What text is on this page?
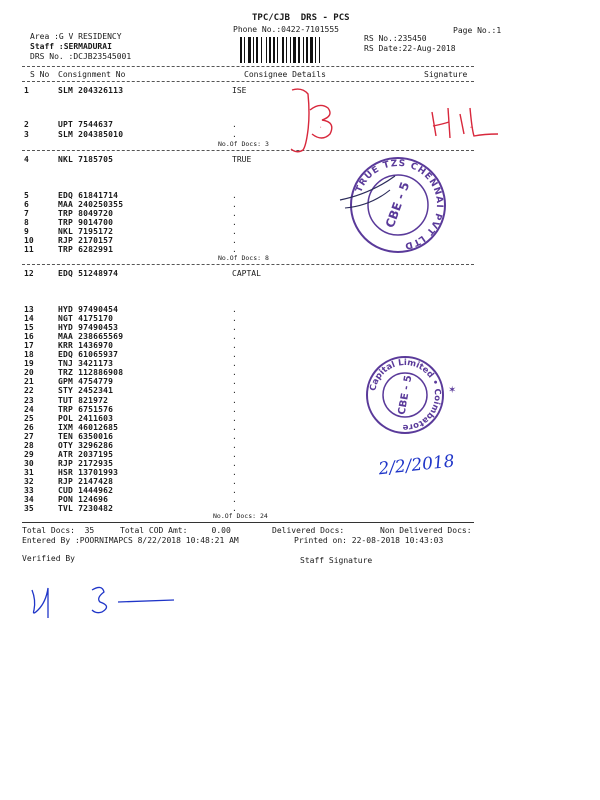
TPC/CJB  DRS - PCS
Phone No.:0422-7101555	Page No.:1
Area :G V RESIDENCY
Staff :SERMADURAI
DRS No. :DCJB23545001
RS No.:235450
RS Date:22-Aug-2018
S No Consignment No	Consignee Details	Signature
1	SLM 204326113	ISE
2	UPT 7544637	.
3	SLM 204385010	.
No.Of Docs: 3
4	NKL 7185705	TRUE
5	EDQ 61841714	.
6	MAA 240250355	.
7	TRP 8049720	.
8	TRP 9014700	.
9	NKL 7195172	.
10	RJP 2170157	.
11	TRP 6282991	.
No.Of Docs: 8
12	EDQ 51248974	CAPTAL
13	HYD 97490454	.
14	NGT 4175170	.
15	HYD 97490453	.
16	MAA 238665569	.
17	KRR 1436970	.
18	EDQ 61065937	.
19	TNJ 3421173	.
20	TRZ 112886908	.
21	GPM 4754779	.
22	STY 2452341	.
23	TUT 821972	.
24	TRP 6751576	.
25	POL 2411603	.
26	IXM 46012685	.
27	TEN 6350016	.
28	OTY 3296286	.
29	ATR 2037195	.
30	RJP 2172935	.
31	HSR 13701993	.
32	RJP 2147428	.
33	CUD 1444962	.
34	PON 124696	.
35	TVL 7230482	.
No.Of Docs: 24
Total Docs:  35	Total COD Amt:     0.00	Delivered Docs:	Non Delivered Docs:
Entered By :POORNIMAPCS 8/22/2018 10:48:21 AM	Printed on: 22-08-2018 10:43:03
Verified By	Staff Signature
TRUE TZS CHENNAI PVT LTD
CBE - 5
Capital Limited • Coimbatore
CBE - 5	✶
3	H/L
2/2/2018
